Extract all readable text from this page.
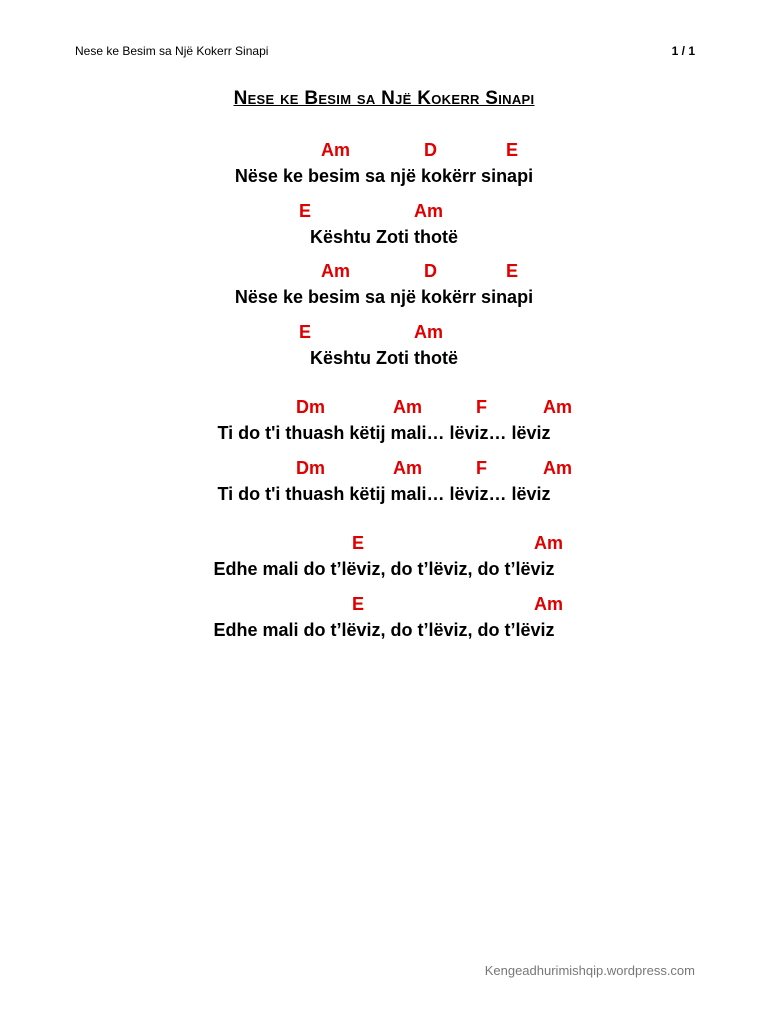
Nese ke Besim sa Një Kokerr Sinapi	1 / 1
Nese ke Besim sa Një Kokerr Sinapi
Am	D	E
Nëse ke besim sa një kokërr sinapi
E	Am
Kështu Zoti thotë
Am	D	E
Nëse ke besim sa një kokërr sinapi
E	Am
Kështu Zoti thotë
Dm	Am	F	Am
Ti do t'i thuash këtij mali… lëviz… lëviz
Dm	Am	F	Am
Ti do t'i thuash këtij mali… lëviz… lëviz
E	Am
Edhe mali do t’lëviz, do t’lëviz, do t’lëviz
E	Am
Edhe mali do t’lëviz, do t’lëviz, do t’lëviz
Kengeadhurimishqip.wordpress.com
